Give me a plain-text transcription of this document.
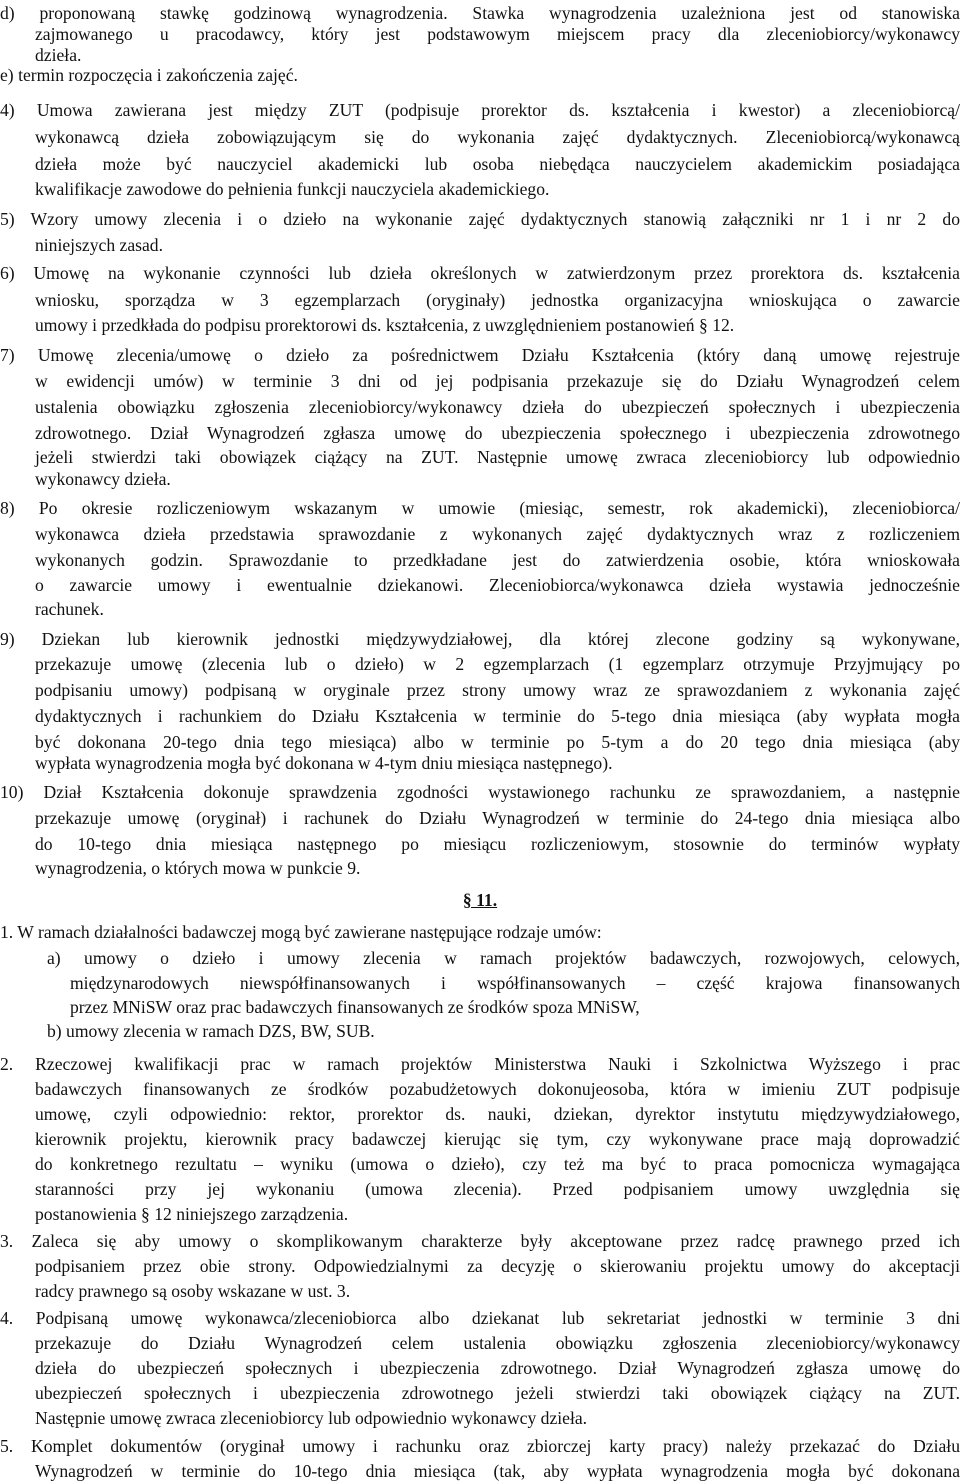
§ 11.
d) proponowaną stawkę godzinową wynagrodzenia. Stawka wynagrodzenia uzależniona jest od stanowiska
zajmowanego u pracodawcy, który jest podstawowym miejscem pracy dla zleceniobiorcy/wykonawcy
dzieła.
e) termin rozpoczęcia i zakończenia zajęć.
4) Umowa zawierana jest między ZUT (podpisuje prorektor ds. kształcenia i kwestor) a zleceniobiorcą/
wykonawcą dzieła zobowiązującym się do wykonania zajęć dydaktycznych. Zleceniobiorcą/wykonawcą
dzieła może być nauczyciel akademicki lub osoba niebędąca nauczycielem akademickim posiadająca
kwalifikacje zawodowe do pełnienia funkcji nauczyciela akademickiego.
5) Wzory umowy zlecenia i o dzieło na wykonanie zajęć dydaktycznych stanowią załączniki nr 1 i nr 2 do
niniejszych zasad.
6) Umowę na wykonanie czynności lub dzieła określonych w zatwierdzonym przez prorektora ds. kształcenia
wniosku, sporządza w 3 egzemplarzach (oryginały) jednostka organizacyjna wnioskująca o zawarcie
umowy i przedkłada do podpisu prorektorowi ds. kształcenia, z uwzględnieniem postanowień § 12.
7) Umowę zlecenia/umowę o dzieło za pośrednictwem Działu Kształcenia (który daną umowę rejestruje
w ewidencji umów) w terminie 3 dni od jej podpisania przekazuje się do Działu Wynagrodzeń celem
ustalenia obowiązku zgłoszenia zleceniobiorcy/wykonawcy dzieła do ubezpieczeń społecznych i ubezpieczenia
zdrowotnego. Dział Wynagrodzeń zgłasza umowę do ubezpieczenia społecznego i ubezpieczenia zdrowotnego
jeżeli stwierdzi taki obowiązek ciążący na ZUT. Następnie umowę zwraca zleceniobiorcy lub odpowiednio
wykonawcy dzieła.
8) Po okresie rozliczeniowym wskazanym w umowie (miesiąc, semestr, rok akademicki), zleceniobiorca/
wykonawca dzieła przedstawia sprawozdanie z wykonanych zajęć dydaktycznych wraz z rozliczeniem
wykonanych godzin. Sprawozdanie to przedkładane jest do zatwierdzenia osobie, która wnioskowała
o zawarcie umowy i ewentualnie dziekanowi. Zleceniobiorca/wykonawca dzieła wystawia jednocześnie
rachunek.
9) Dziekan lub kierownik jednostki międzywydziałowej, dla której zlecone godziny są wykonywane,
przekazuje umowę (zlecenia lub o dzieło) w 2 egzemplarzach (1 egzemplarz otrzymuje Przyjmujący po
podpisaniu umowy) podpisaną w oryginale przez strony umowy wraz ze sprawozdaniem z wykonania zajęć
dydaktycznych i rachunkiem do Działu Kształcenia w terminie do 5-tego dnia miesiąca (aby wypłata mogła
być dokonana 20-tego dnia tego miesiąca) albo w terminie po 5-tym a do 20 tego dnia miesiąca (aby
wypłata wynagrodzenia mogła być dokonana w 4-tym dniu miesiąca następnego).
10) Dział Kształcenia dokonuje sprawdzenia zgodności wystawionego rachunku ze sprawozdaniem, a następnie
przekazuje umowę (oryginał) i rachunek do Działu Wynagrodzeń w terminie do 24-tego dnia miesiąca albo
do 10-tego dnia miesiąca następnego po miesiącu rozliczeniowym, stosownie do terminów wypłaty
wynagrodzenia, o których mowa w punkcie 9.
1. W ramach działalności badawczej mogą być zawierane następujące rodzaje umów:
a) umowy o dzieło i umowy zlecenia w ramach projektów badawczych, rozwojowych, celowych,
międzynarodowych niewspółfinansowanych i współfinansowanych – część krajowa finansowanych
przez MNiSW oraz prac badawczych finansowanych ze środków spoza MNiSW,
b) umowy zlecenia w ramach DZS, BW, SUB.
2. Rzeczowej kwalifikacji prac w ramach projektów Ministerstwa Nauki i Szkolnictwa Wyższego i prac
badawczych finansowanych ze środków pozabudżetowych dokonujeosoba, która w imieniu ZUT podpisuje
umowę, czyli odpowiednio: rektor, prorektor ds. nauki, dziekan, dyrektor instytutu międzywydziałowego,
kierownik projektu, kierownik pracy badawczej kierując się tym, czy wykonywane prace mają doprowadzić
do konkretnego rezultatu – wyniku (umowa o dzieło), czy też ma być to praca pomocnicza wymagająca
staranności przy jej wykonaniu (umowa zlecenia). Przed podpisaniem umowy uwzględnia się
postanowienia § 12 niniejszego zarządzenia.
3. Zaleca się aby umowy o skomplikowanym charakterze były akceptowane przez radcę prawnego przed ich
podpisaniem przez obie strony. Odpowiedzialnymi za decyzję o skierowaniu projektu umowy do akceptacji
radcy prawnego są osoby wskazane w ust. 3.
4. Podpisaną umowę wykonawca/zleceniobiorca albo dziekanat lub sekretariat jednostki w terminie 3 dni
przekazuje do Działu Wynagrodzeń celem ustalenia obowiązku zgłoszenia zleceniobiorcy/wykonawcy
dzieła do ubezpieczeń społecznych i ubezpieczenia zdrowotnego. Dział Wynagrodzeń zgłasza umowę do
ubezpieczeń społecznych i ubezpieczenia zdrowotnego jeżeli stwierdzi taki obowiązek ciążący na ZUT.
Następnie umowę zwraca zleceniobiorcy lub odpowiednio wykonawcy dzieła.
5. Komplet dokumentów (oryginał umowy i rachunku oraz zbiorczej karty pracy) należy przekazać do Działu
Wynagrodzeń w terminie do 10-tego dnia miesiąca (tak, aby wypłata wynagrodzenia mogła być dokonana
